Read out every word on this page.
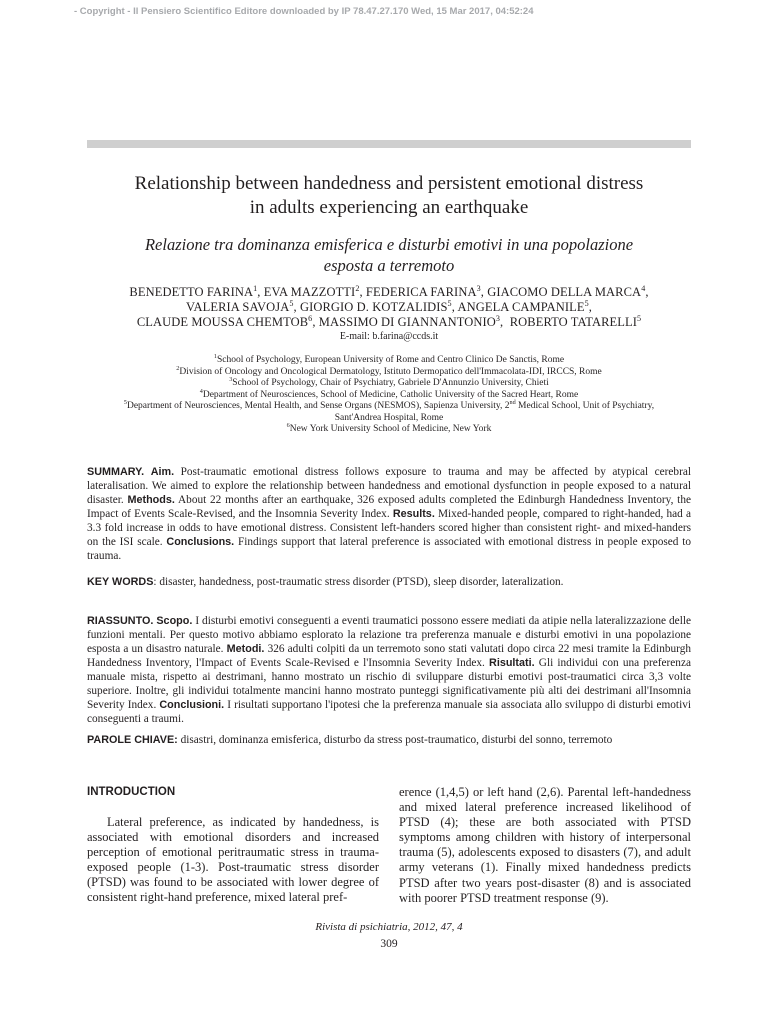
- Copyright - Il Pensiero Scientifico Editore downloaded by IP 78.47.27.170 Wed, 15 Mar 2017, 04:52:24
Relationship between handedness and persistent emotional distress
in adults experiencing an earthquake
Relazione tra dominanza emisferica e disturbi emotivi in una popolazione
esposta a terremoto
BENEDETTO FARINA$^1$, EVA MAZZOTTI$^2$, FEDERICA FARINA$^3$, GIACOMO DELLA MARCA$^4$,
VALERIA SAVOJA$^5$, GIORGIO D. KOTZALIDIS$^5$, ANGELA CAMPANILE$^5$,
CLAUDE MOUSSA CHEMTOB$^6$, MASSIMO DI GIANNANTONIO$^3$,  ROBERTO TATARELLI$^5$
E-mail: b.farina@ccds.it
$^1$School of Psychology, European University of Rome and Centro Clinico De Sanctis, Rome
$^2$Division of Oncology and Oncological Dermatology, Istituto Dermopatico dell'Immacolata-IDI, IRCCS, Rome
$^3$School of Psychology, Chair of Psychiatry, Gabriele D'Annunzio University, Chieti
$^4$Department of Neurosciences, School of Medicine, Catholic University of the Sacred Heart, Rome
$^5$Department of Neurosciences, Mental Health, and Sense Organs (NESMOS), Sapienza University, 2nd Medical School, Unit of Psychiatry,
Sant'Andrea Hospital, Rome
$^6$New York University School of Medicine, New York

SUMMARY. Aim. Post-traumatic emotional distress follows exposure to trauma and may be affected by atypical cerebral lateralisation. We aimed to explore the relationship between handedness and emotional dysfunction in people exposed to a natural disaster. Methods. About 22 months after an earthquake, 326 exposed adults completed the Edinburgh Handedness Inventory, the Impact of Events Scale-Revised, and the Insomnia Severity Index. Results. Mixed-handed people, compared to right-handed, had a 3.3 fold increase in odds to have emotional distress. Consistent left-handers scored higher than consistent right- and mixed-handers on the ISI scale. Conclusions. Findings support that lateral preference is associated with emotional distress in people exposed to trauma.

KEY WORDS: disaster, handedness, post-traumatic stress disorder (PTSD), sleep disorder, lateralization.

RIASSUNTO. Scopo. I disturbi emotivi conseguenti a eventi traumatici possono essere mediati da atipie nella lateralizzazione delle funzioni mentali. Per questo motivo abbiamo esplorato la relazione tra preferenza manuale e disturbi emotivi in una popolazione esposta a un disastro naturale. Metodi. 326 adulti colpiti da un terremoto sono stati valutati dopo circa 22 mesi tramite la Edinburgh Handedness Inventory, l'Impact of Events Scale-Revised e l'Insomnia Severity Index. Risultati. Gli individui con una preferenza manuale mista, rispetto ai destrimani, hanno mostrato un rischio di sviluppare disturbi emotivi post-traumatici circa 3,3 volte superiore. Inoltre, gli individui totalmente mancini hanno mostrato punteggi significativamente più alti dei destrimani all'Insomnia Severity Index. Conclusioni. I risultati supportano l'ipotesi che la preferenza manuale sia associata allo sviluppo di disturbi emotivi conseguenti a traumi.

PAROLE CHIAVE: disastri, dominanza emisferica, disturbo da stress post-traumatico, disturbi del sonno, terremoto

INTRODUCTION

Lateral preference, as indicated by handedness, is associated with emotional disorders and increased perception of emotional peritraumatic stress in trauma-exposed people (1-3). Post-traumatic stress disorder (PTSD) was found to be associated with lower degree of consistent right-hand preference, mixed lateral pref-

erence (1,4,5) or left hand (2,6). Parental left-handedness and mixed lateral preference increased likelihood of PTSD (4); these are both associated with PTSD symptoms among children with history of interpersonal trauma (5), adolescents exposed to disasters (7), and adult army veterans (1). Finally mixed handedness predicts PTSD after two years post-disaster (8) and is associated with poorer PTSD treatment response (9).

Rivista di psichiatria, 2012, 47, 4
309
